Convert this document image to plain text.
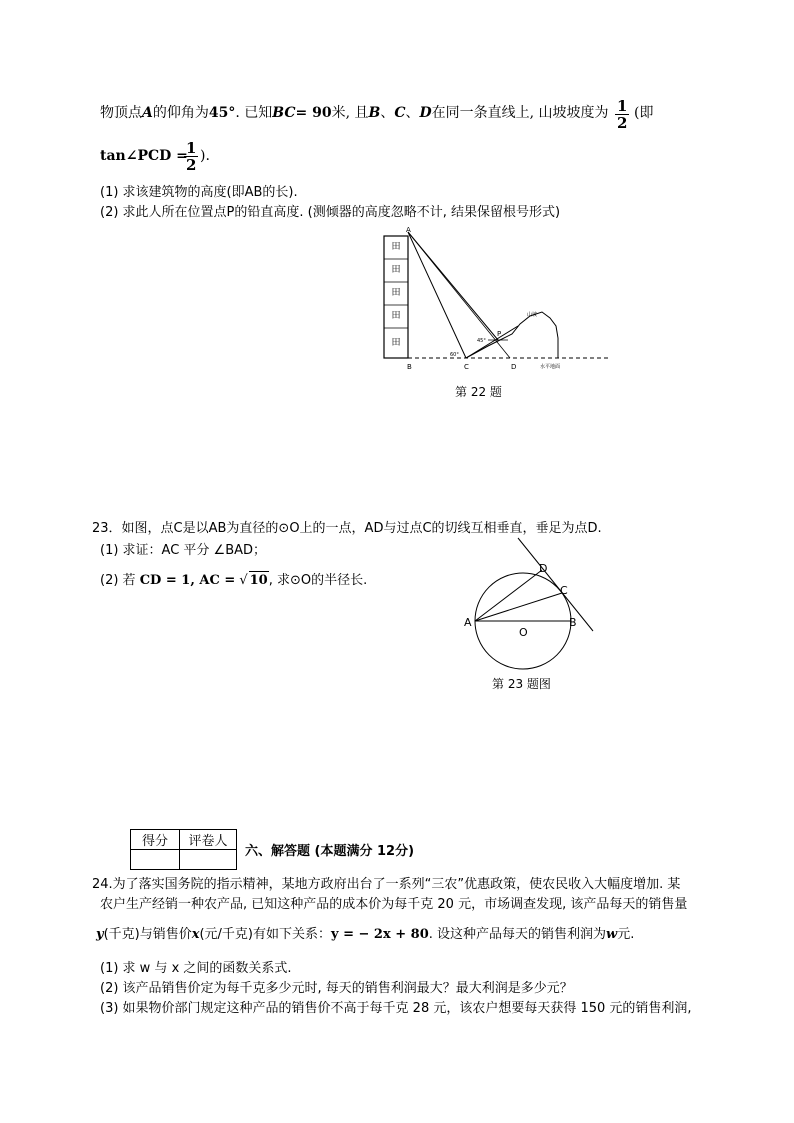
物顶点A的仰角为45°. 已知BC= 90米, 且B、C、D在同一条直线上, 山坡坡度为 $\frac{1}{2}$ (即
tan∠PCD =
$\frac{1}{2}$ ).
(1) 求该建筑物的高度(即AB的长).
(2) 求此人所在位置点P的铅直高度. (测倾器的高度忽略不计, 结果保留根号形式)
田
田
田
田
田
A
B	C	D
P
60°
45°
山坡
水平地面
第 22 题
23．如图，点C是以AB为直径的⊙O上的一点，AD与过点C的切线互相垂直，垂足为点D.
(1) 求证：AC 平分 ∠BAD；
(2) 若 CD = 1, AC = √ 10, 求⊙O的半径长.
A	B
C
D
O
第 23 题图
得分	评卷人

六、解答题 (本题满分 12分)
24.为了落实国务院的指示精神，某地方政府出台了一系列“三农”优惠政策，使农民收入大幅度增加. 某
农户生产经销一种农产品, 已知这种产品的成本价为每千克 20 元，市场调查发现, 该产品每天的销售量
y(千克)与销售价x(元/千克)有如下关系：y = − 2x + 80. 设这种产品每天的销售利润为w元.
(1) 求 w 与 x 之间的函数关系式.
(2) 该产品销售价定为每千克多少元时, 每天的销售利润最大？最大利润是多少元？
(3) 如果物价部门规定这种产品的销售价不高于每千克 28 元，该农户想要每天获得 150 元的销售利润,
